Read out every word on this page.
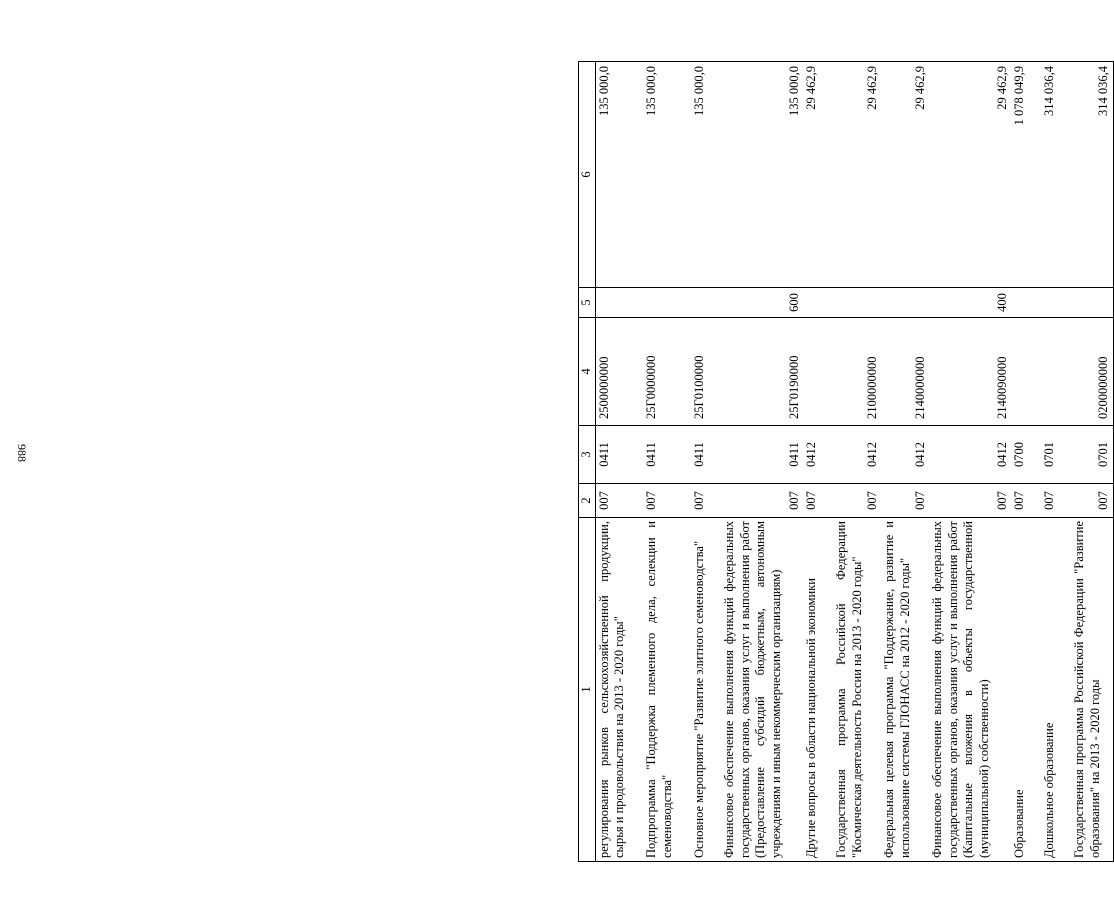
988
1	2	3	4	5	6
регулирования рынков сельскохозяйственной продукции, сырья и продовольствия на 2013 - 2020 годы"	007	0411	2500000000		135 000,0
Подпрограмма "Поддержка племенного дела, селекции и семеноводства"	007	0411	25Г0000000		135 000,0
Основное мероприятие "Развитие элитного семеноводства"	007	0411	25Г0100000		135 000,0
Финансовое обеспечение выполнения функций федеральных государственных органов, оказания услуг и выполнения работ (Предоставление субсидий бюджетным, автономным учреждениям и иным некоммерческим организациям)	007	0411	25Г0190000	600	135 000,0
Другие вопросы в области национальной экономики	007	0412			29 462,9
Государственная программа Российской Федерации "Космическая деятельность России на 2013 - 2020 годы"	007	0412	2100000000		29 462,9
Федеральная целевая программа "Поддержание, развитие и использование системы ГЛОНАСС на 2012 - 2020 годы"	007	0412	2140000000		29 462,9
Финансовое обеспечение выполнения функций федеральных государственных органов, оказания услуг и выполнения работ (Капитальные вложения в объекты государственной (муниципальной) собственности)	007	0412	2140090000	400	29 462,9
Образование	007	0700			1 078 049,9
Дошкольное образование	007	0701			314 036,4
Государственная программа Российской Федерации "Развитие образования" на 2013 - 2020 годы	007	0701	0200000000		314 036,4
